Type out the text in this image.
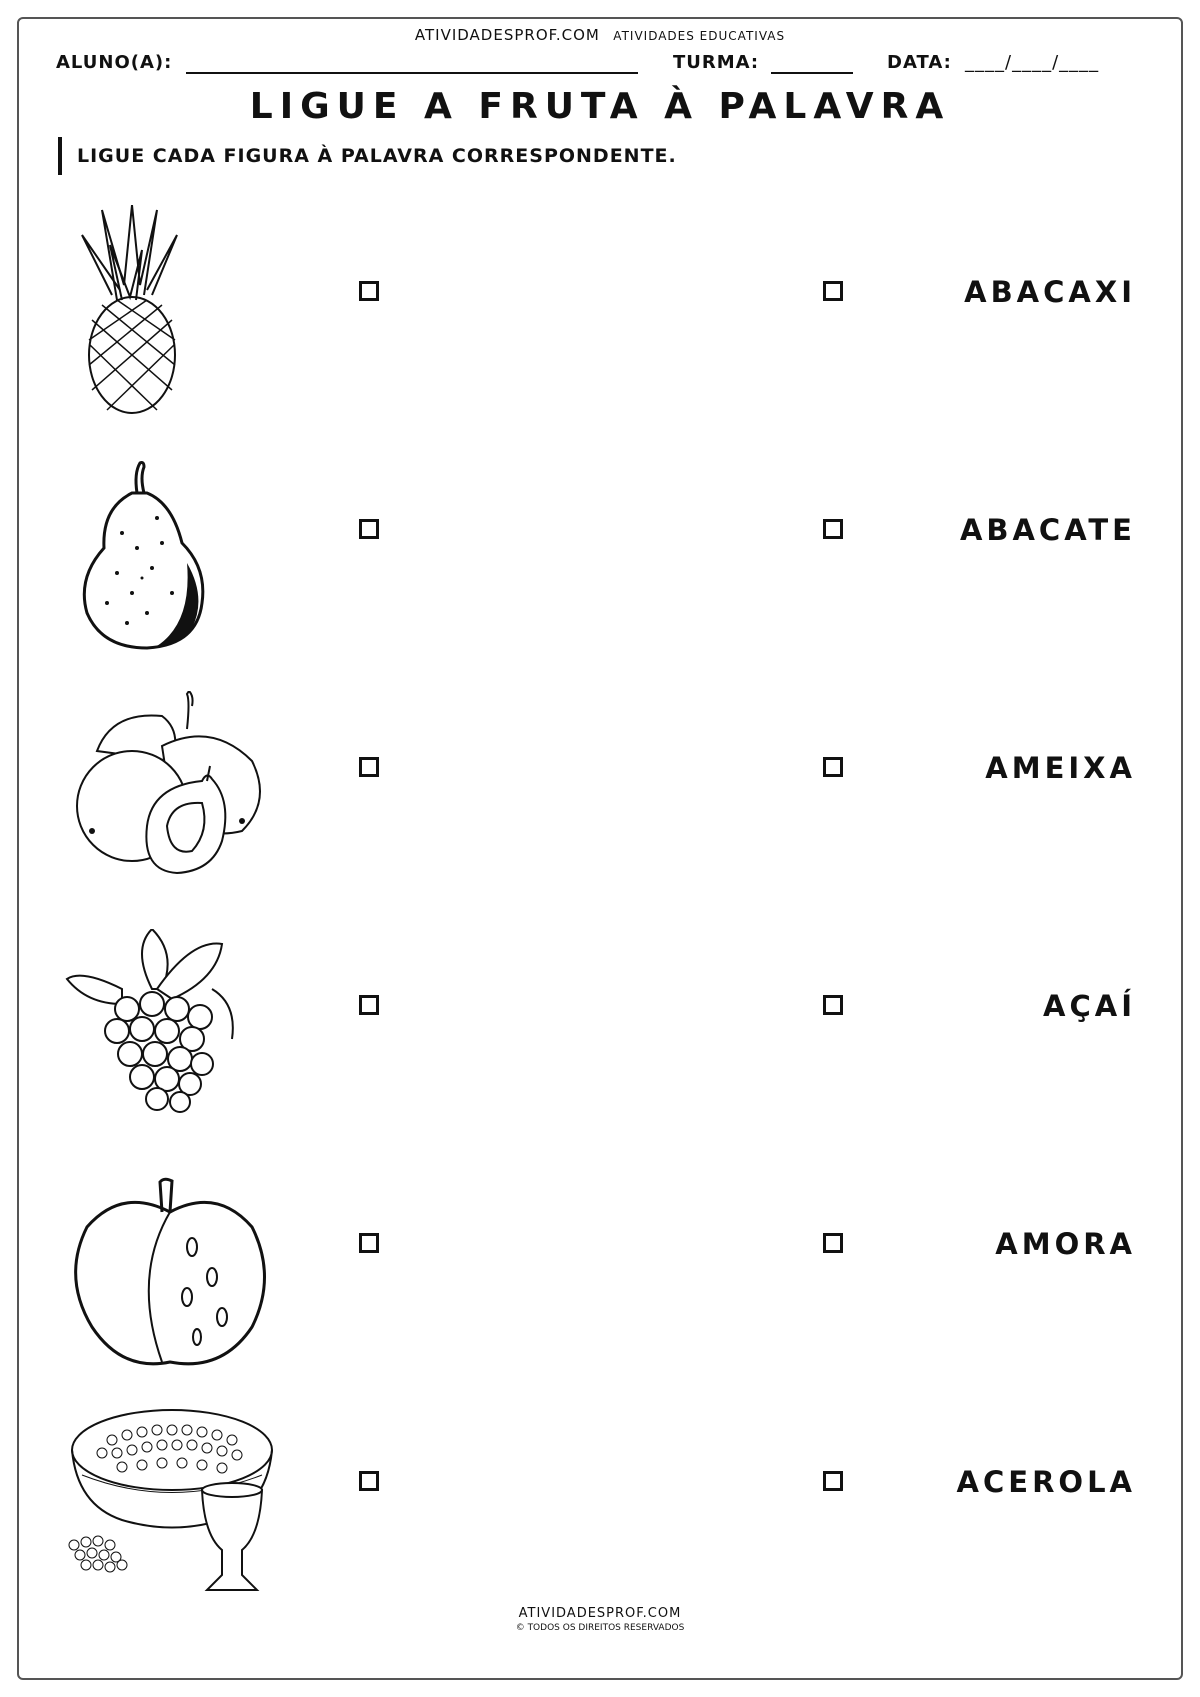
ATIVIDADESPROF.COM ATIVIDADES EDUCATIVAS
ALUNO(A):	TURMA:	DATA: ____/____/____
LIGUE A FRUTA À PALAVRA
LIGUE CADA FIGURA À PALAVRA CORRESPONDENTE.
ABACAXI
ABACATE
AMEIXA
AÇAÍ
AMORA
ACEROLA
ATIVIDADESPROF.COM
© TODOS OS DIREITOS RESERVADOS
